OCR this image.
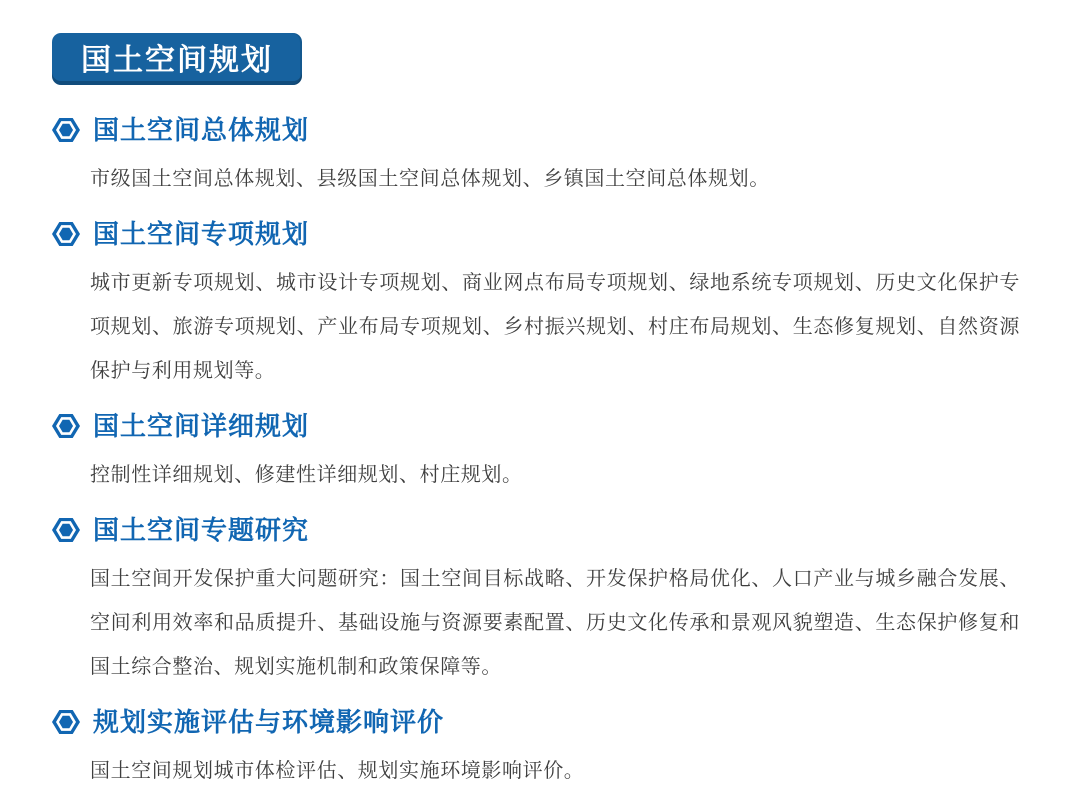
国土空间规划
国土空间总体规划

市级国土空间总体规划、县级国土空间总体规划、乡镇国土空间总体规划。

国土空间专项规划

城市更新专项规划、城市设计专项规划、商业网点布局专项规划、绿地系统专项规划、历史文化保护专项规划、旅游专项规划、产业布局专项规划、乡村振兴规划、村庄布局规划、生态修复规划、自然资源保护与利用规划等。

国土空间详细规划

控制性详细规划、修建性详细规划、村庄规划。

国土空间专题研究

国土空间开发保护重大问题研究：国土空间目标战略、开发保护格局优化、人口产业与城乡融合发展、空间利用效率和品质提升、基础设施与资源要素配置、历史文化传承和景观风貌塑造、生态保护修复和国土综合整治、规划实施机制和政策保障等。

规划实施评估与环境影响评价

国土空间规划城市体检评估、规划实施环境影响评价。
